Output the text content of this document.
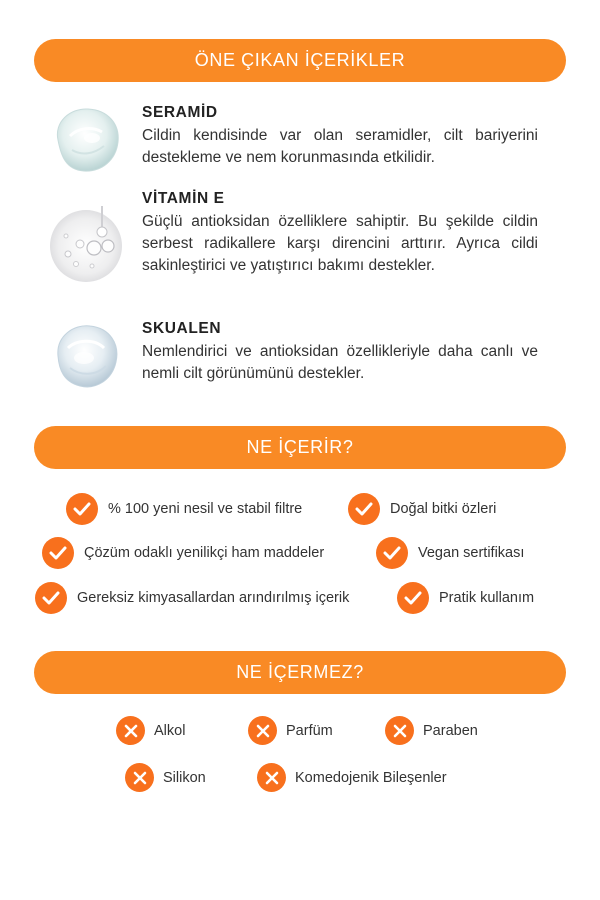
ÖNE ÇIKAN İÇERİKLER
SERAMİD
Cildin kendisinde var olan seramidler, cilt bariyerini destekleme ve nem korunmasında etkilidir.
VİTAMİN E
Güçlü antioksidan özelliklere sahiptir. Bu şekilde cildin serbest radikallere karşı direncini arttırır. Ayrıca cildi sakinleştirici ve yatıştırıcı bakımı destekler.
SKUALEN
Nemlendirici ve antioksidan özellikleriyle daha canlı ve nemli cilt görünümünü destekler.
NE İÇERİR?
% 100 yeni nesil ve stabil filtre	Doğal bitki özleri
Çözüm odaklı yenilikçi ham maddeler	Vegan sertifikası
Gereksiz kimyasallardan arındırılmış içerik	Pratik kullanım
NE İÇERMEZ?
Alkol	Parfüm	Paraben
Silikon	Komedojenik Bileşenler
